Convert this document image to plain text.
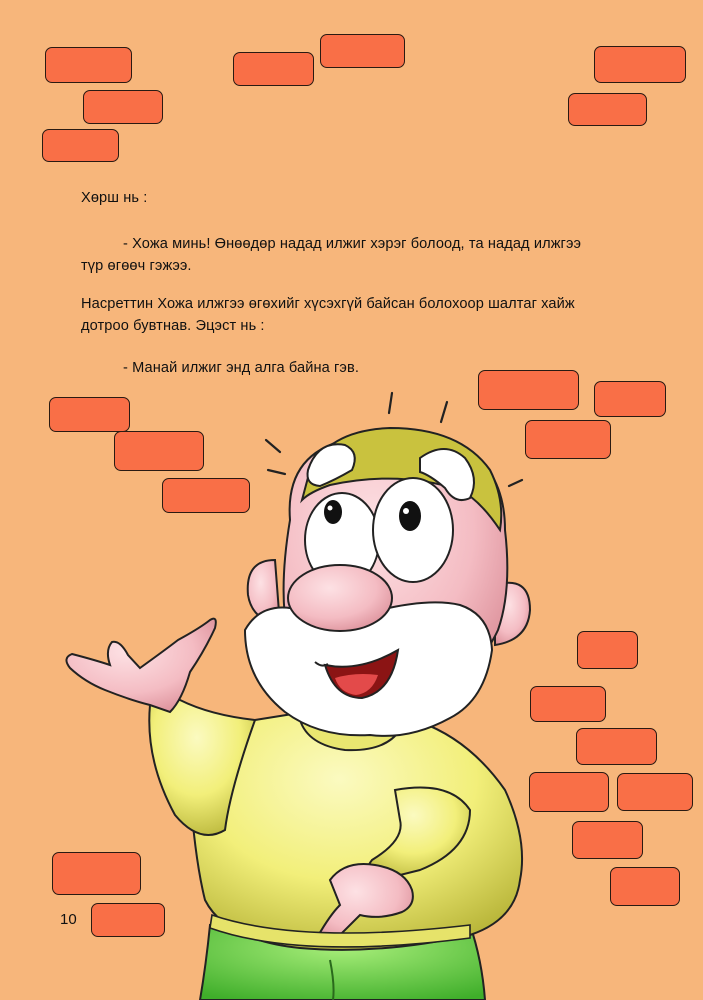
Хөрш нь :
- Хожа минь! Өнөөдөр надад илжиг хэрэг болоод, та надад илжгээ
түр өгөөч гэжээ.
Насреттин Хожа илжгээ өгөхийг хүсэхгүй байсан болохоор шалтаг хайж
дотроо бувтнав. Эцэст нь :
- Манай илжиг энд алга байна гэв.
10
